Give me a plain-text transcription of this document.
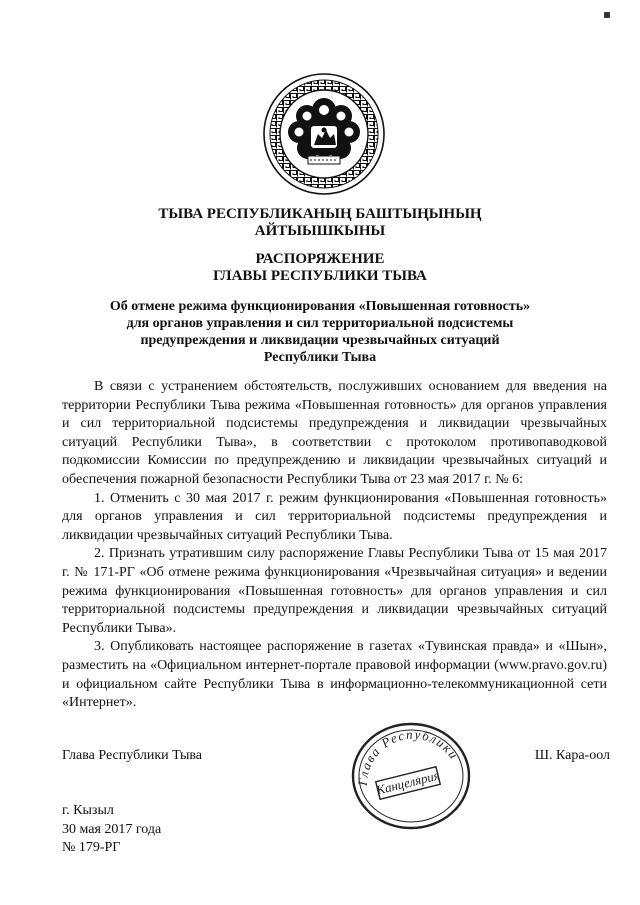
ТЫВА РЕСПУБЛИКАНЫҢ БАШТЫҢЫНЫҢ
АЙТЫЫШКЫНЫ
РАСПОРЯЖЕНИЕ
ГЛАВЫ РЕСПУБЛИКИ ТЫВА
Об отмене режима функционирования «Повышенная готовность»
для органов управления и сил территориальной подсистемы
предупреждения и ликвидации чрезвычайных ситуаций
Республики Тыва

В связи с устранением обстоятельств, послуживших основанием для введения на территории Республики Тыва режима «Повышенная готовность» для органов управления и сил территориальной подсистемы предупреждения и ликвидации чрезвычайных ситуаций Республики Тыва», в соответствии с протоколом противопаводковой подкомиссии Комиссии по предупреждению и ликвидации чрезвычайных ситуаций и обеспечения пожарной безопасности Республики Тыва от 23 мая 2017 г. № 6:

1. Отменить с 30 мая 2017 г. режим функционирования «Повышенная готовность» для органов управления и сил территориальной подсистемы предупреждения и ликвидации чрезвычайных ситуаций Республики Тыва.

2. Признать утратившим силу распоряжение Главы Республики Тыва от 15 мая 2017 г. № 171-РГ «Об отмене режима функционирования «Чрезвычайная ситуация» и ведении режима функционирования «Повышенная готовность» для органов управления и сил территориальной подсистемы предупреждения и ликвидации чрезвычайных ситуаций Республики Тыва».

3. Опубликовать настоящее распоряжение в газетах «Тувинская правда» и «Шын», разместить на «Официальном интернет-портале правовой информации (www.pravo.gov.ru) и официальном сайте Республики Тыва в информационно-телекоммуникационной сети «Интернет».

Глава Республики Тыва	Ш. Кара-оол
Глава Республики
Канцелярия
г. Кызыл
30 мая 2017 года
№ 179-РГ
